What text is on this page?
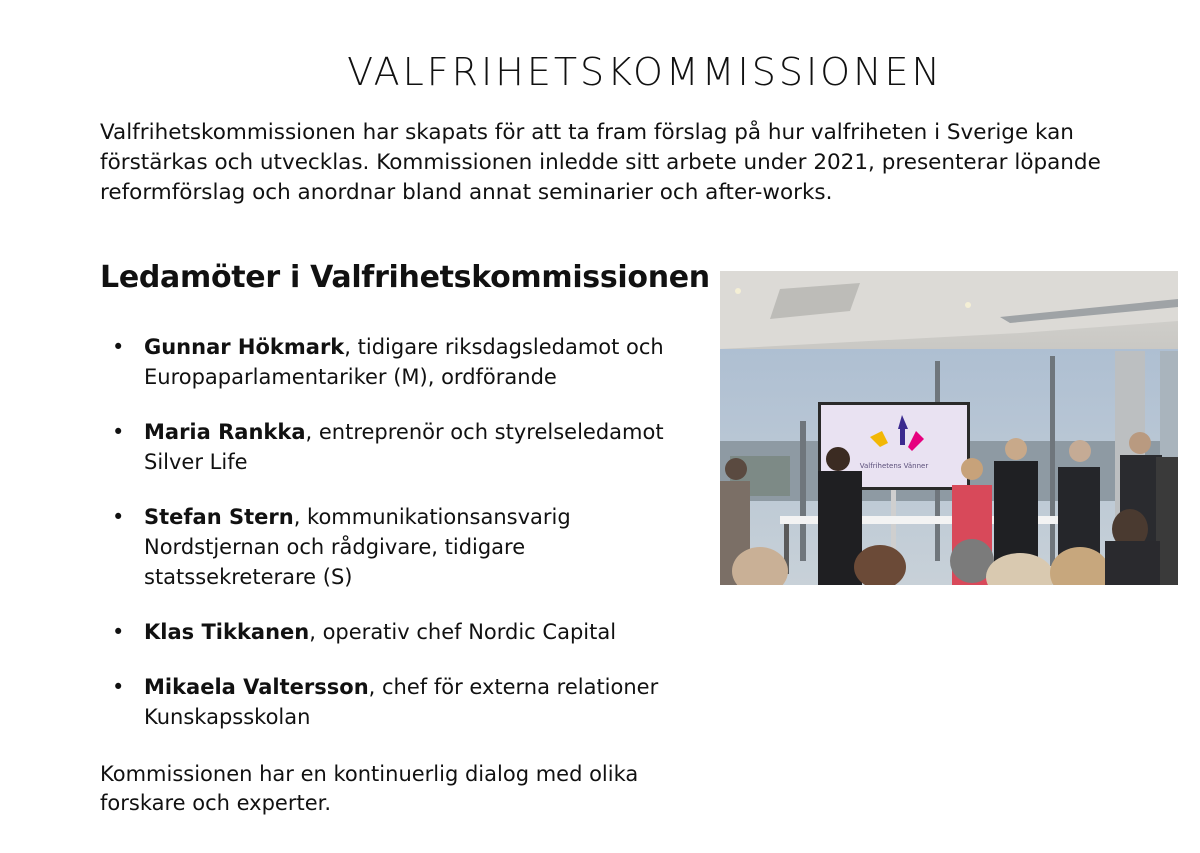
VALFRIHETSKOMMISSIONEN
Valfrihetskommissionen har skapats för att ta fram förslag på hur valfriheten i Sverige kan förstärkas och utvecklas. Kommissionen inledde sitt arbete under 2021, presenterar löpande reformförslag och anordnar bland annat seminarier och after-works.
Ledamöter i Valfrihetskommissionen
• Gunnar Hökmark, tidigare riksdagsledamot och Europaparlamentariker (M), ordförande
• Maria Rankka, entreprenör och styrelseledamot Silver Life
• Stefan Stern, kommunikationsansvarig Nordstjernan och rådgivare, tidigare statssekreterare (S)
• Klas Tikkanen, operativ chef Nordic Capital
• Mikaela Valtersson, chef för externa relationer Kunskapsskolan
Kommissionen har en kontinuerlig dialog med olika forskare och experter.
Valfrihetens Vänner
